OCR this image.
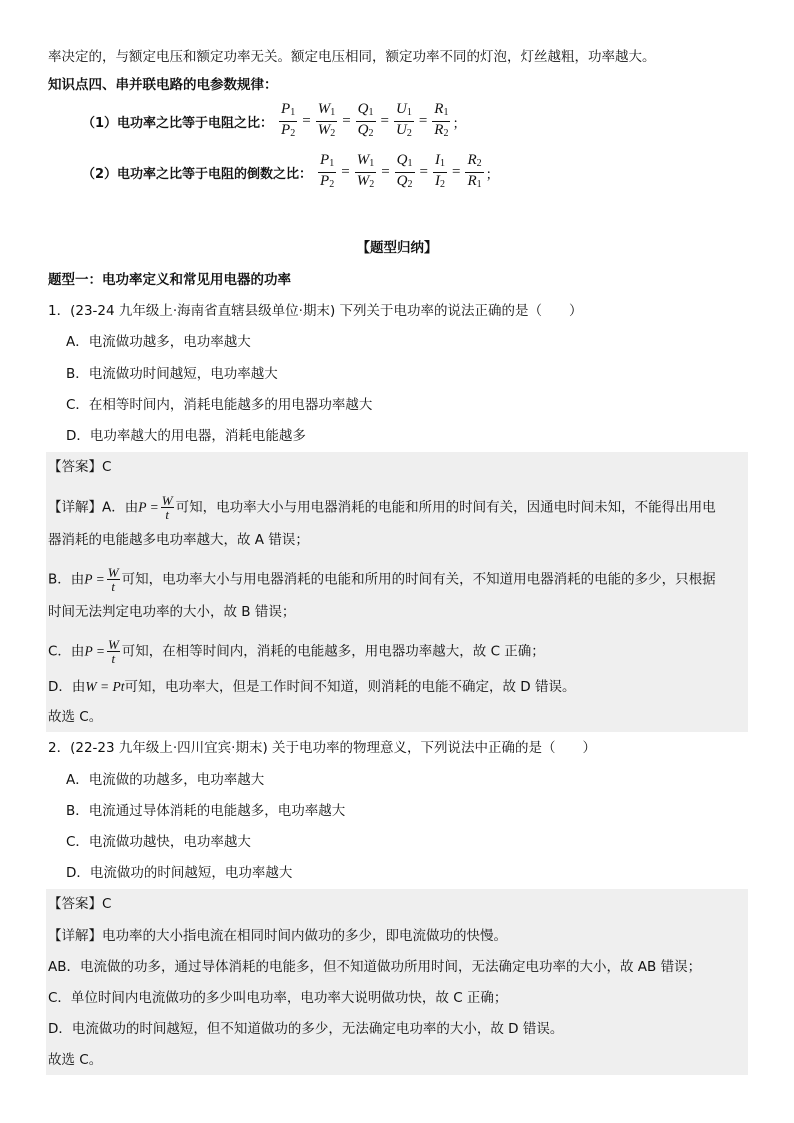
率决定的，与额定电压和额定功率无关。额定电压相同，额定功率不同的灯泡，灯丝越粗，功率越大。
知识点四、串并联电路的电参数规律：
（1）电功率之比等于电阻之比： $\frac{P_1}{P_2} = \frac{W_1}{W_2} = \frac{Q_1}{Q_2} = \frac{U_1}{U_2} = \frac{R_1}{R_2}$ ；
（2）电功率之比等于电阻的倒数之比： $\frac{P_1}{P_2} = \frac{W_1}{W_2} = \frac{Q_1}{Q_2} = \frac{I_1}{I_2} = \frac{R_2}{R_1}$ ；
【题型归纳】
题型一：电功率定义和常见用电器的功率
1．(23-24 九年级上·海南省直辖县级单位·期末) 下列关于电功率的说法正确的是（　　）
A．电流做功越多，电功率越大
B．电流做功时间越短，电功率越大
C．在相等时间内，消耗电能越多的用电器功率越大
D．电功率越大的用电器，消耗电能越多
【答案】C
【详解】A．由$P = \frac{W}{t}$ 可知，电功率大小与用电器消耗的电能和所用的时间有关，因通电时间未知，不能得出用电
器消耗的电能越多电功率越大，故 A 错误；
B．由$P = \frac{W}{t}$ 可知，电功率大小与用电器消耗的电能和所用的时间有关，不知道用电器消耗的电能的多少，只根据
时间无法判定电功率的大小，故 B 错误；
C．由$P = \frac{W}{t}$ 可知，在相等时间内，消耗的电能越多，用电器功率越大，故 C 正确；
D．由W = Pt可知，电功率大，但是工作时间不知道，则消耗的电能不确定，故 D 错误。
故选 C。
2．(22-23 九年级上·四川宜宾·期末) 关于电功率的物理意义，下列说法中正确的是（　　）
A．电流做的功越多，电功率越大
B．电流通过导体消耗的电能越多，电功率越大
C．电流做功越快，电功率越大
D．电流做功的时间越短，电功率越大
【答案】C
【详解】电功率的大小指电流在相同时间内做功的多少，即电流做功的快慢。
AB．电流做的功多，通过导体消耗的电能多，但不知道做功所用时间，无法确定电功率的大小，故 AB 错误；
C．单位时间内电流做功的多少叫电功率，电功率大说明做功快，故 C 正确；
D．电流做功的时间越短，但不知道做功的多少，无法确定电功率的大小，故 D 错误。
故选 C。
